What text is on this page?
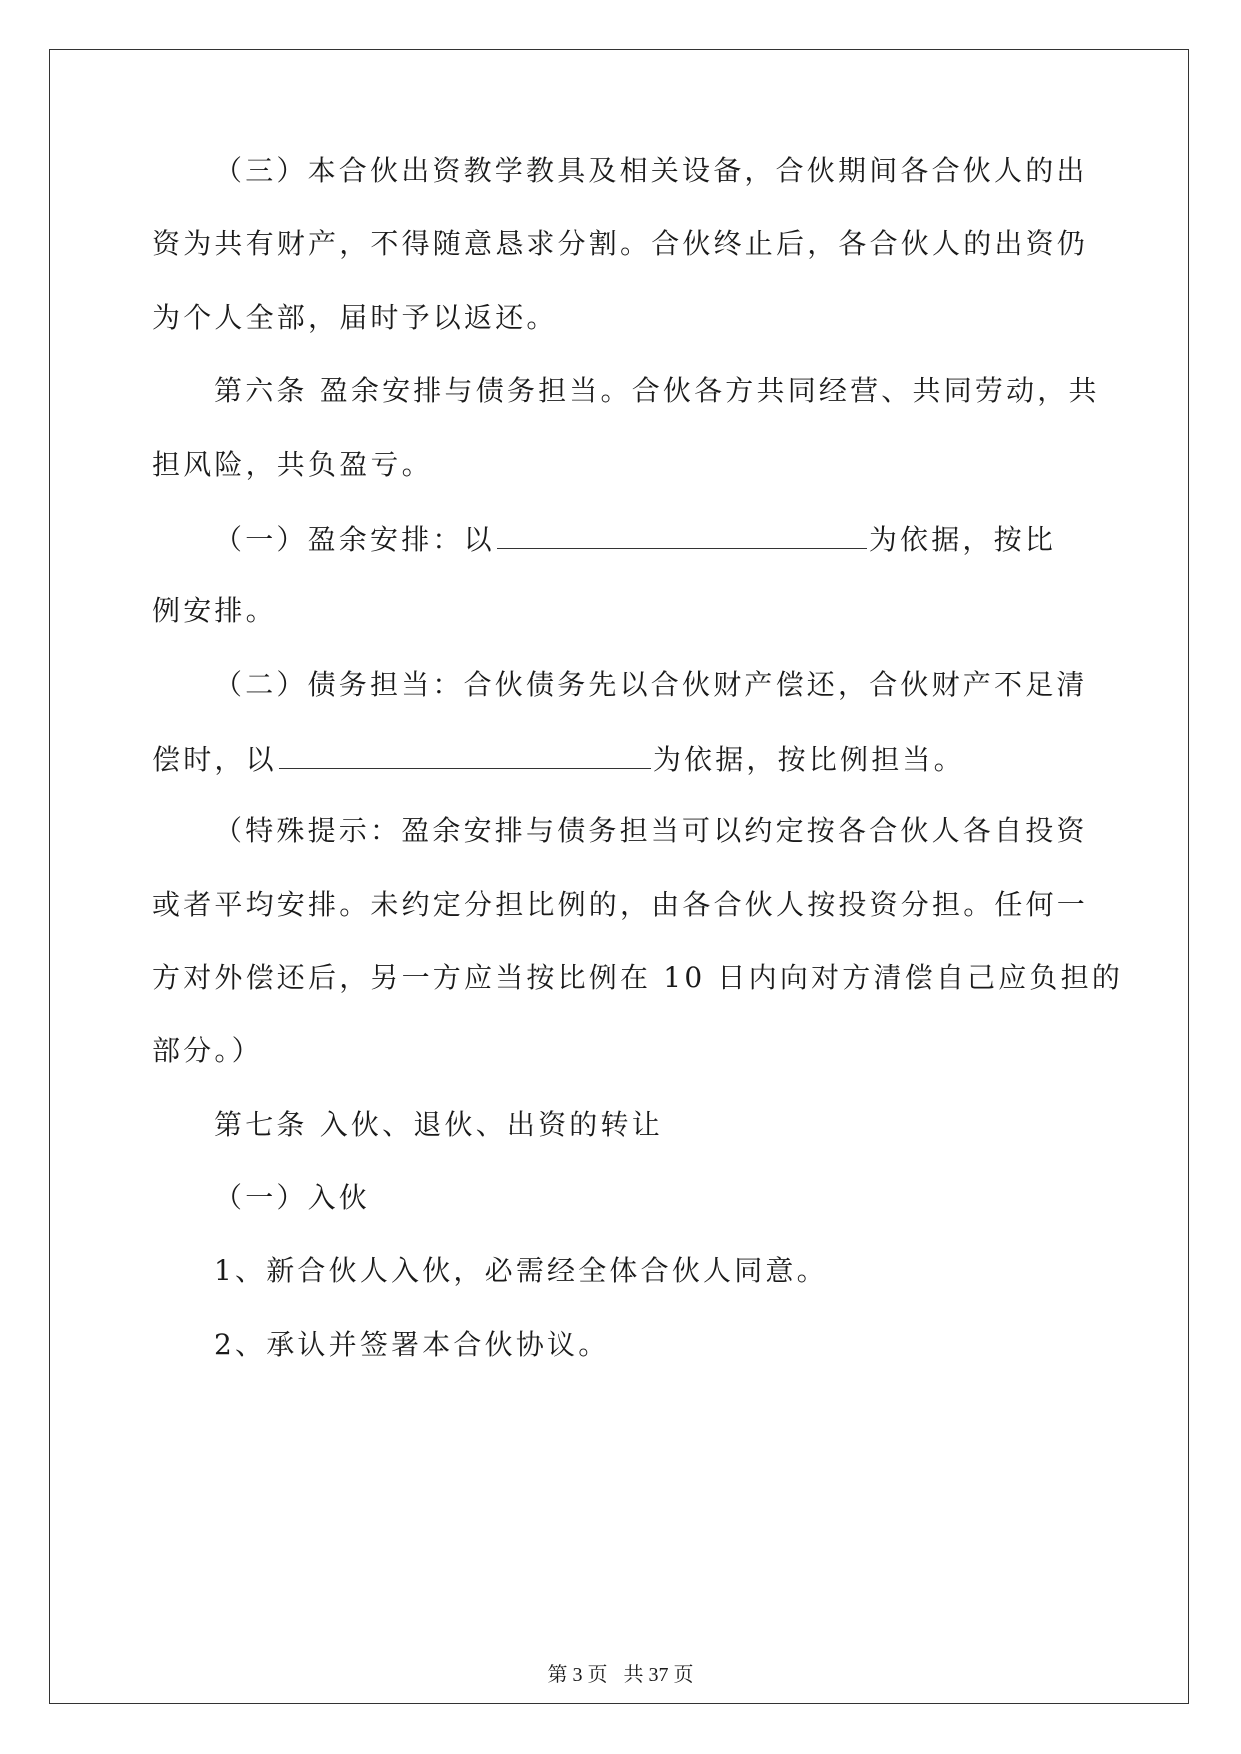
（三）本合伙出资教学教具及相关设备，合伙期间各合伙人的出
资为共有财产，不得随意恳求分割。合伙终止后，各合伙人的出资仍
为个人全部，届时予以返还。
第六条 盈余安排与债务担当。合伙各方共同经营、共同劳动，共
担风险，共负盈亏。
（一）盈余安排：以	为依据，按比
例安排。
（二）债务担当：合伙债务先以合伙财产偿还，合伙财产不足清
偿时，以	为依据，按比例担当。
（特殊提示：盈余安排与债务担当可以约定按各合伙人各自投资
或者平均安排。未约定分担比例的，由各合伙人按投资分担。任何一
方对外偿还后，另一方应当按比例在 10 日内向对方清偿自己应负担的
部分。）
第七条 入伙、退伙、出资的转让
（一）入伙
1、新合伙人入伙，必需经全体合伙人同意。
2、承认并签署本合伙协议。
第 3 页 共 37 页
